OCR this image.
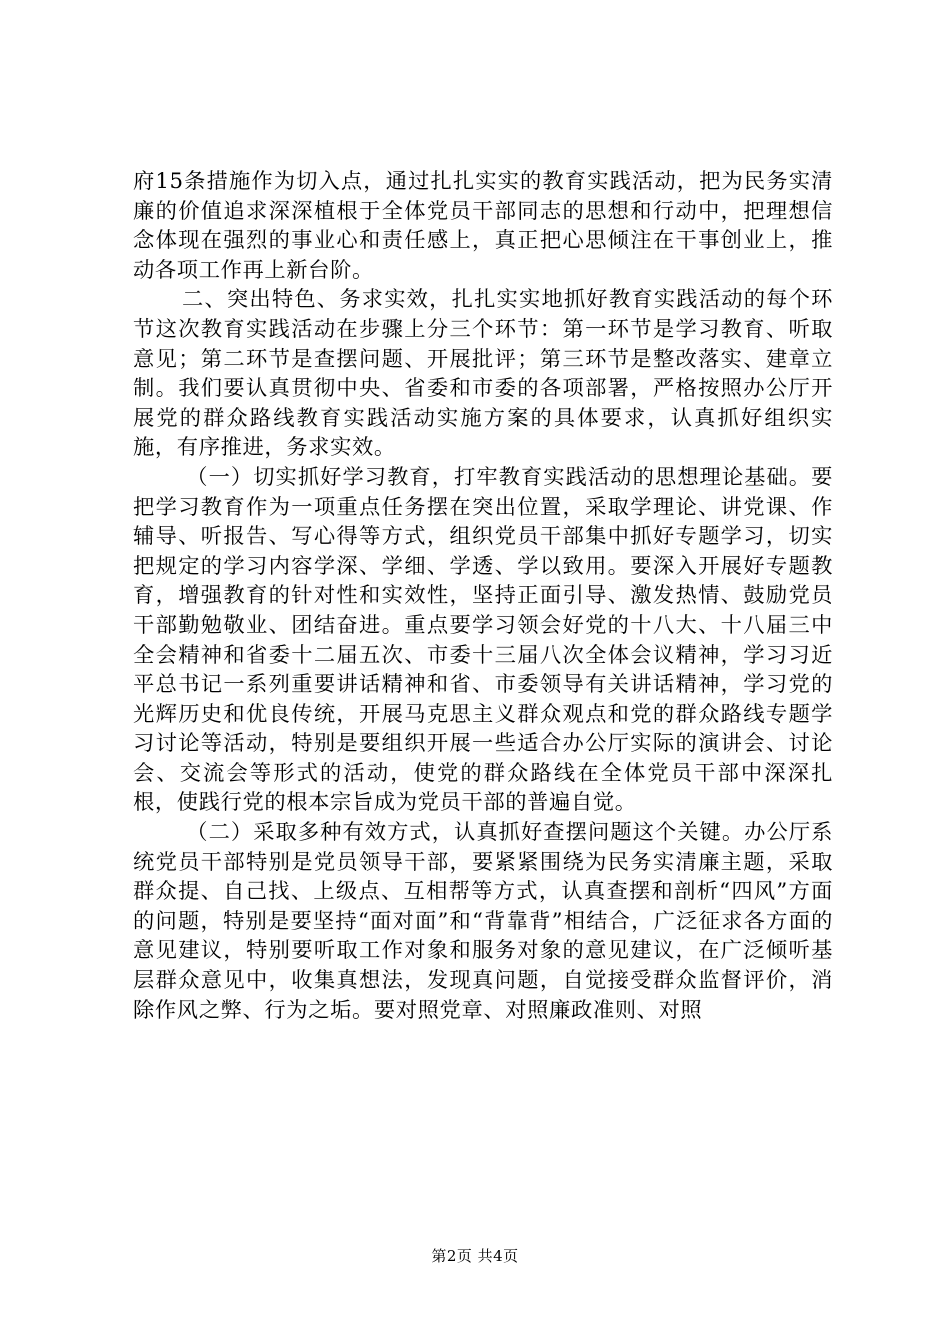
府15条措施作为切入点，通过扎扎实实的教育实践活动，把为民务实清廉的价值追求深深植根于全体党员干部同志的思想和行动中，把理想信念体现在强烈的事业心和责任感上，真正把心思倾注在干事创业上，推动各项工作再上新台阶。

二、突出特色、务求实效，扎扎实实地抓好教育实践活动的每个环节这次教育实践活动在步骤上分三个环节：第一环节是学习教育、听取意见；第二环节是查摆问题、开展批评；第三环节是整改落实、建章立制。我们要认真贯彻中央、省委和市委的各项部署，严格按照办公厅开展党的群众路线教育实践活动实施方案的具体要求，认真抓好组织实施，有序推进，务求实效。

（一）切实抓好学习教育，打牢教育实践活动的思想理论基础。要把学习教育作为一项重点任务摆在突出位置，采取学理论、讲党课、作辅导、听报告、写心得等方式，组织党员干部集中抓好专题学习，切实把规定的学习内容学深、学细、学透、学以致用。要深入开展好专题教育，增强教育的针对性和实效性，坚持正面引导、激发热情、鼓励党员干部勤勉敬业、团结奋进。重点要学习领会好党的十八大、十八届三中全会精神和省委十二届五次、市委十三届八次全体会议精神，学习习近平总书记一系列重要讲话精神和省、市委领导有关讲话精神，学习党的光辉历史和优良传统，开展马克思主义群众观点和党的群众路线专题学习讨论等活动，特别是要组织开展一些适合办公厅实际的演讲会、讨论会、交流会等形式的活动，使党的群众路线在全体党员干部中深深扎根，使践行党的根本宗旨成为党员干部的普遍自觉。

（二）采取多种有效方式，认真抓好查摆问题这个关键。办公厅系统党员干部特别是党员领导干部，要紧紧围绕为民务实清廉主题，采取群众提、自己找、上级点、互相帮等方式，认真查摆和剖析“四风”方面的问题，特别是要坚持“面对面”和“背靠背”相结合，广泛征求各方面的意见建议，特别要听取工作对象和服务对象的意见建议，在广泛倾听基层群众意见中，收集真想法，发现真问题，自觉接受群众监督评价，消除作风之弊、行为之垢。要对照党章、对照廉政准则、对照

第2页 共4页
